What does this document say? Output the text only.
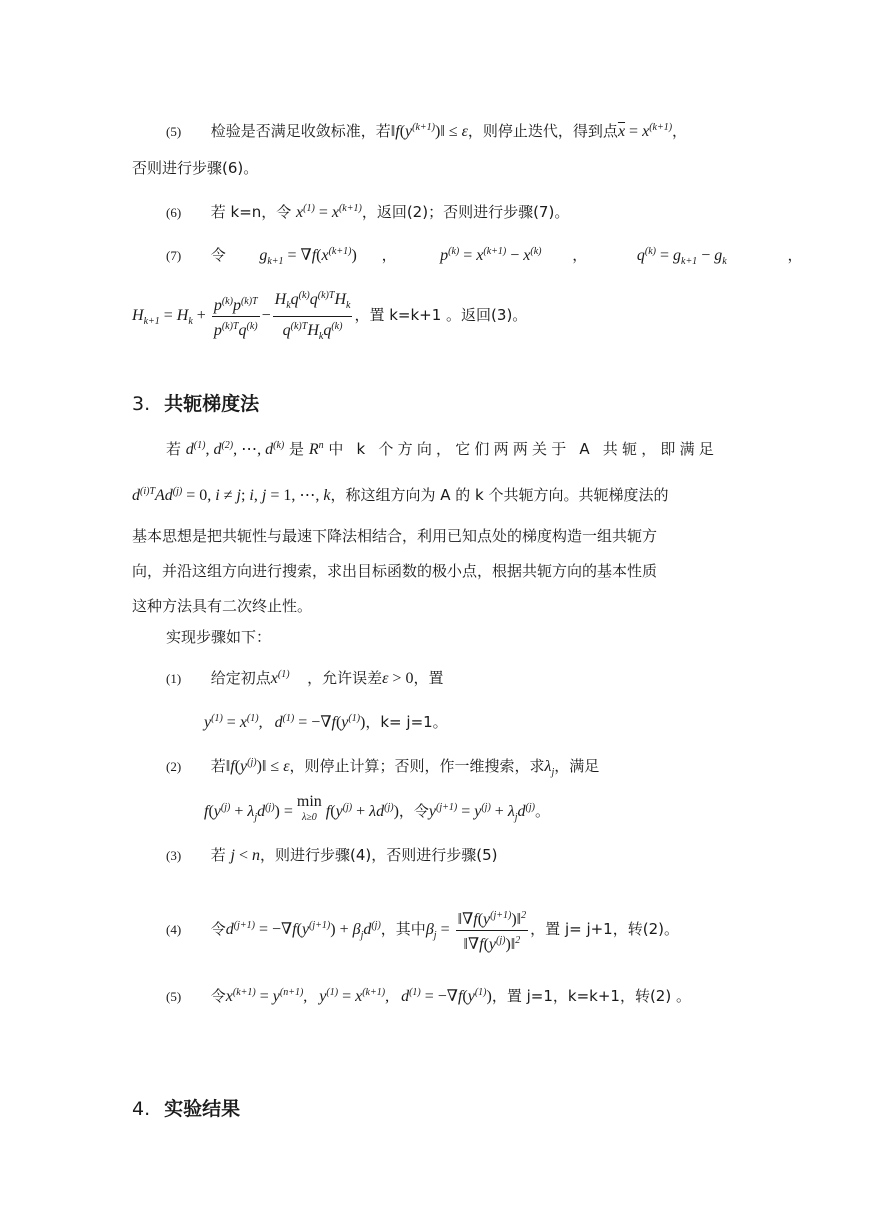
(5) 检验是否满足收敛标准，若$‖f(y^{(k+1)})‖ \le \varepsilon$，则停止迭代，得到点$\overline{x} = x^{(k+1)}$，
否则进行步骤(6)。
(6) 若 k=n，令 $x^{(1)} = x^{(k+1)}$，返回(2)；否则进行步骤(7)。
(7) 令 $g_{k+1} = \nabla f(x^{(k+1)})$ ，	$p^{(k)} = x^{(k+1)} - x^{(k)}$ ，	$q^{(k)} = g_{k+1} - g_k$	，
$H_{k+1} = H_k + \frac{p^{(k)}p^{(k)T}}{p^{(k)T}q^{(k)}} - \frac{H_kq^{(k)}q^{(k)T}H_k}{q^{(k)T}H_kq^{(k)}}$ ，置 k=k+1 。返回(3)。
3. 共轭梯度法
若 $d^{(1)}$, $d^{(2)}$, ⋯, $d^{(k)}$ 是 $R^n$ 中 k 个方向，它们两两关于 A 共轭，即满足
$d^{(i)T}Ad^{(j)} = 0$, i ≠ j; i, j = 1, ⋯, k，称这组方向为 A 的 k 个共轭方向。共轭梯度法的
基本思想是把共轭性与最速下降法相结合，利用已知点处的梯度构造一组共轭方
向，并沿这组方向进行搜索，求出目标函数的极小点，根据共轭方向的基本性质
这种方法具有二次终止性。
实现步骤如下：
(1) 给定初点$x^{(1)}$ ，允许误差ε > 0，置
$y^{(1)} = x^{(1)}$,   $d^{(1)} = -\nabla f(y^{(1)})$，k= j=1。
(2) 若$‖f(y^{(j)})‖ \le \varepsilon$，则停止计算；否则，作一维搜索，求$\lambda_j$，满足
$f(y^{(j)} + \lambda_jd^{(j)}) = \min$
λ≥0 $f(y^{(j)} + \lambda d^{(j)})$，令$y^{(j+1)} = y^{(j)} + \lambda_jd^{(j)}$。
(3) 若 j < n，则进行步骤(4)，否则进行步骤(5)
(4) 令$d^{(j+1)} = -\nabla f(y^{(j+1)}) + \beta_jd^{(j)}$，其中$\beta_j = \frac{‖\nabla f(y^{(j+1)})‖^2}{‖\nabla f(y^{(j)})‖^2}$ ，置 j= j+1，转(2)。
(5) 令$x^{(k+1)} = y^{(n+1)}$,   $y^{(1)} = x^{(k+1)}$,   $d^{(1)} = -\nabla f(y^{(1)})$，置 j=1，k=k+1，转(2) 。
4. 实验结果
